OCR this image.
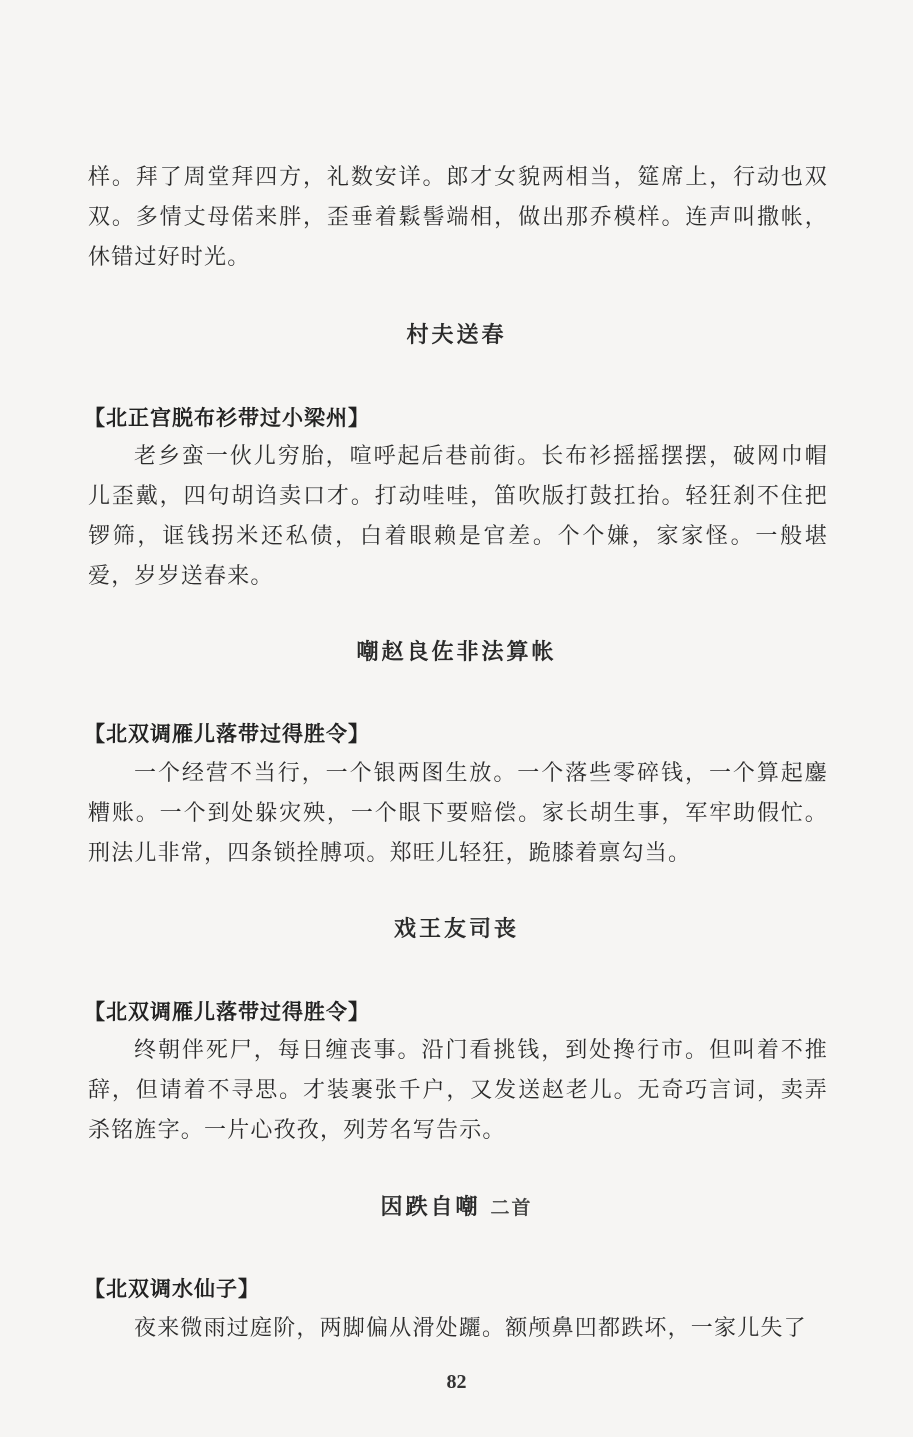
样。拜了周堂拜四方，礼数安详。郎才女貌两相当，筵席上，行动也双双。多情丈母偌来胖，歪垂着鬏髻端相，做出那乔模样。连声叫撒帐，休错过好时光。

村夫送春
【北正宫脱布衫带过小梁州】

老乡蛮一伙儿穷胎，喧呼起后巷前街。长布衫摇摇摆摆，破网巾帽儿歪戴，四句胡诌卖口才。打动哇哇，笛吹版打鼓扛抬。轻狂刹不住把锣筛，诓钱拐米还私债，白着眼赖是官差。个个嫌，家家怪。一般堪爱，岁岁送春来。

嘲赵良佐非法算帐
【北双调雁儿落带过得胜令】

一个经营不当行，一个银两图生放。一个落些零碎钱，一个算起鏖糟账。一个到处躲灾殃，一个眼下要赔偿。家长胡生事，军牢助假忙。刑法儿非常，四条锁拴膊项。郑旺儿轻狂，跪膝着禀勾当。

戏王友司丧
【北双调雁儿落带过得胜令】

终朝伴死尸，每日缠丧事。沿门看挑钱，到处搀行市。但叫着不推辞，但请着不寻思。才装裹张千户，又发送赵老儿。无奇巧言词，卖弄杀铭旌字。一片心孜孜，列芳名写告示。

因跌自嘲 二首
【北双调水仙子】

夜来微雨过庭阶，两脚偏从滑处躧。额颅鼻凹都跌坏，一家儿失了

82
